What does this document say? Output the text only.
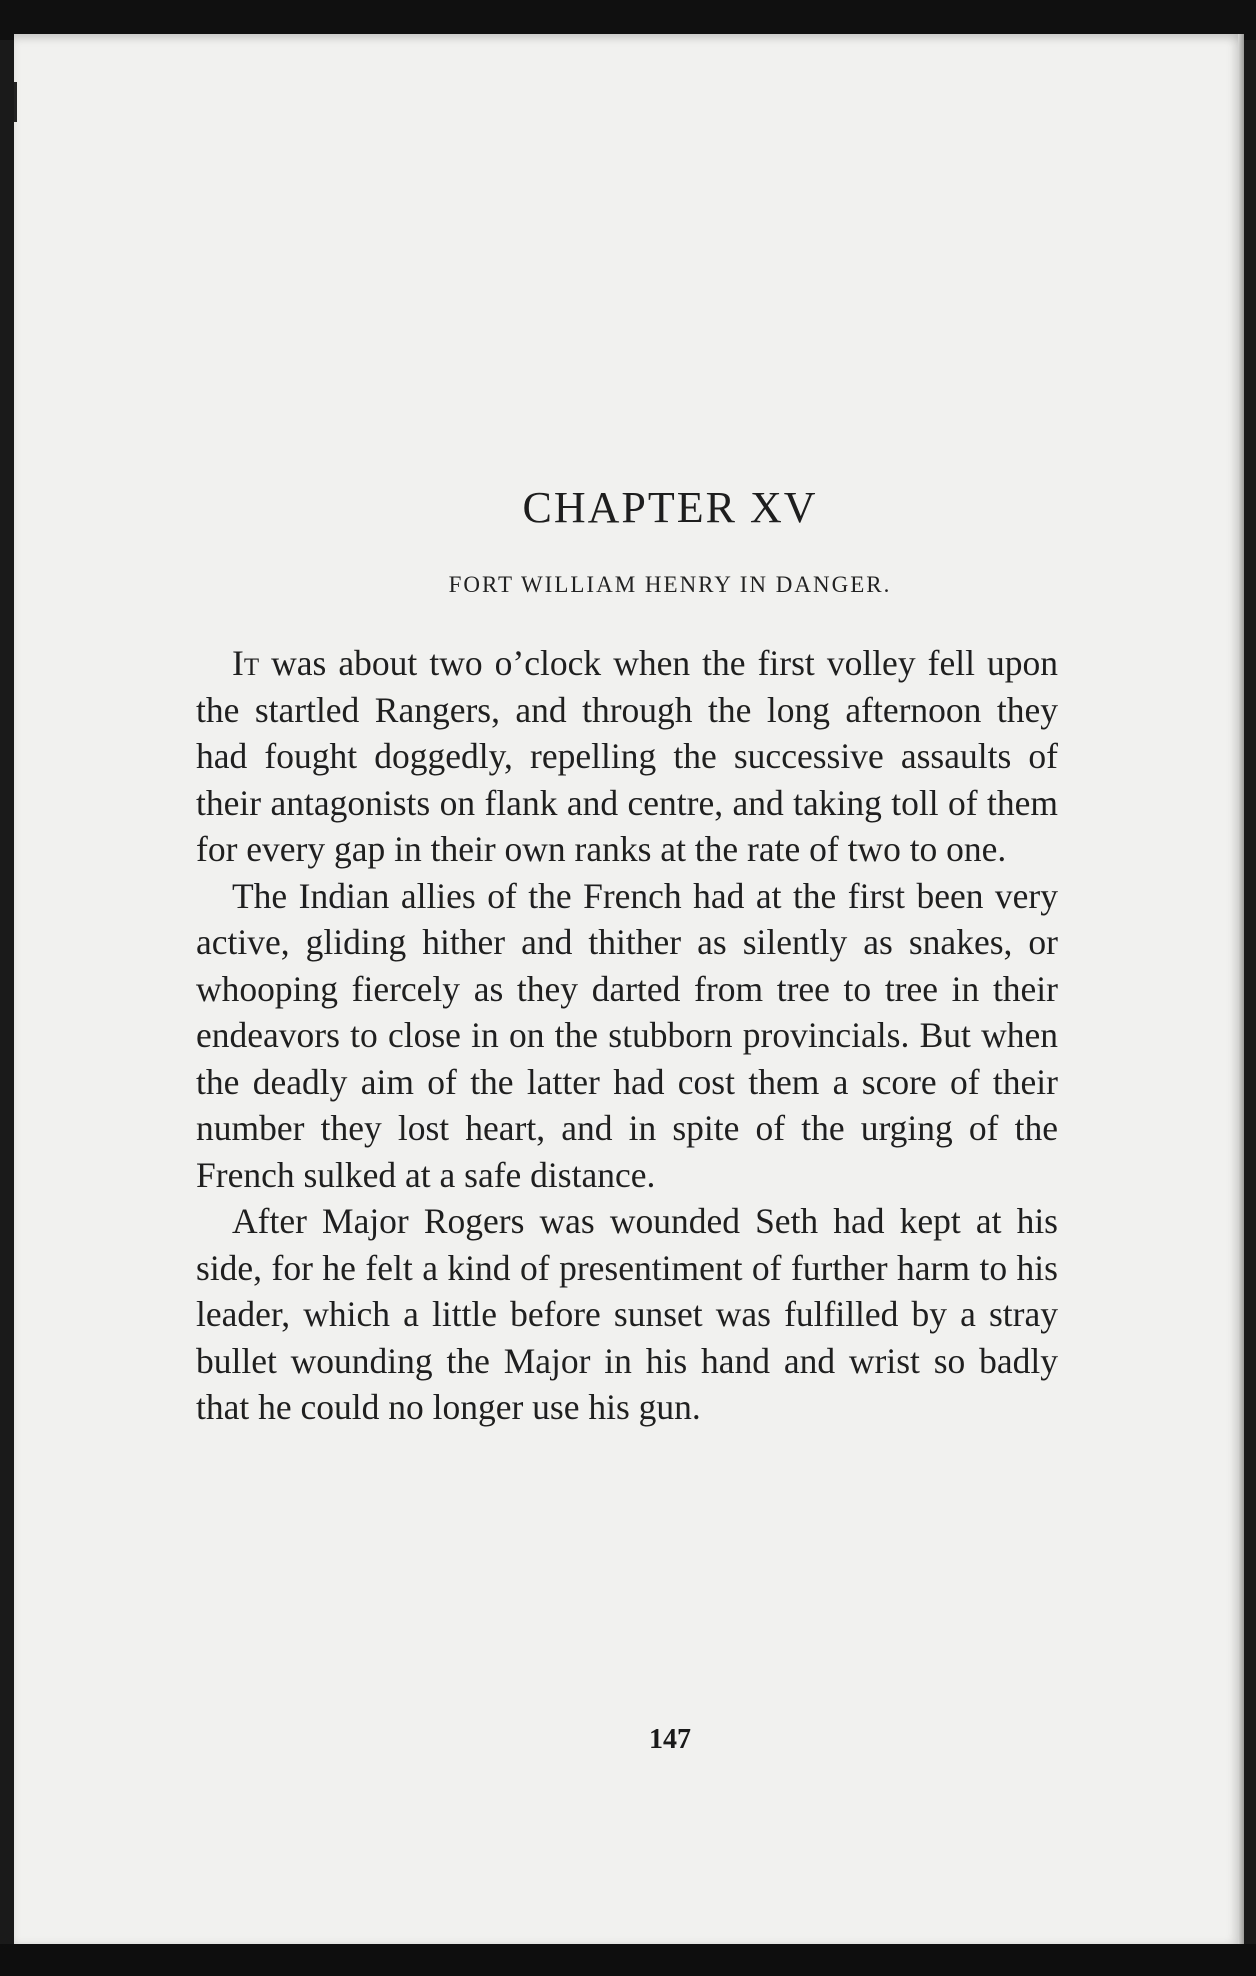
CHAPTER XV
FORT WILLIAM HENRY IN DANGER.

It was about two o’clock when the first volley fell upon the startled Rangers, and through the long afternoon they had fought doggedly, repelling the successive assaults of their antagonists on flank and centre, and taking toll of them for every gap in their own ranks at the rate of two to one.

The Indian allies of the French had at the first been very active, gliding hither and thither as silently as snakes, or whooping fiercely as they darted from tree to tree in their endeavors to close in on the stubborn provincials. But when the deadly aim of the latter had cost them a score of their number they lost heart, and in spite of the urging of the French sulked at a safe distance.

After Major Rogers was wounded Seth had kept at his side, for he felt a kind of presentiment of further harm to his leader, which a little before sunset was fulfilled by a stray bullet wounding the Major in his hand and wrist so badly that he could no longer use his gun.

147
